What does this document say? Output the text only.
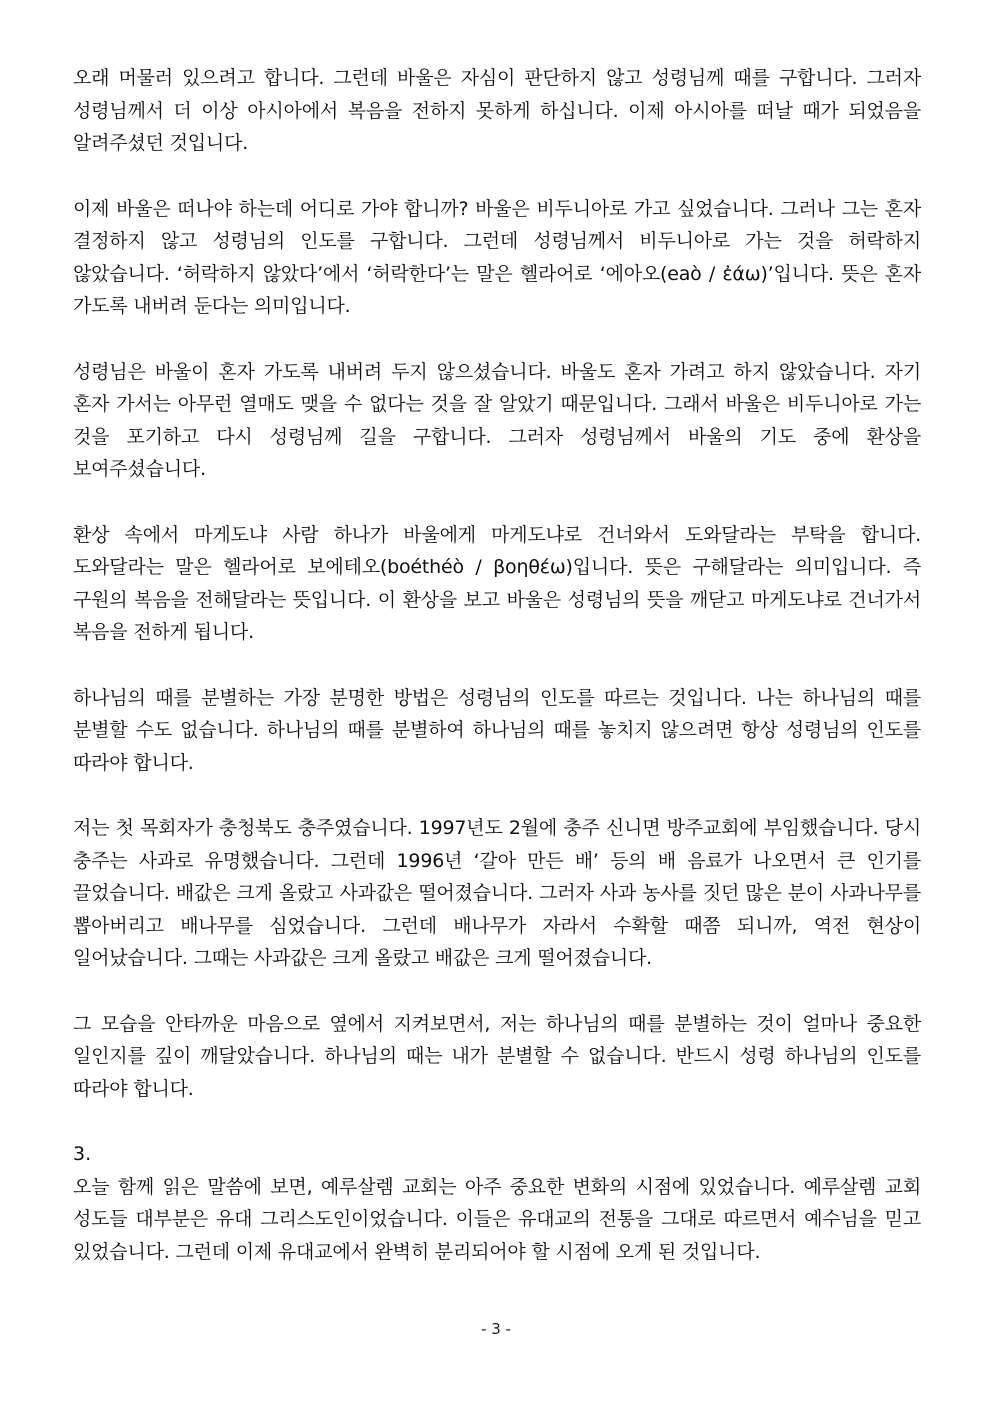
오래 머물러 있으려고 합니다. 그런데 바울은 자심이 판단하지 않고 성령님께 때를 구합니다. 그러자 성령님께서 더 이상 아시아에서 복음을 전하지 못하게 하십니다. 이제 아시아를 떠날 때가 되었음을 알려주셨던 것입니다.

이제 바울은 떠나야 하는데 어디로 가야 합니까? 바울은 비두니아로 가고 싶었습니다. 그러나 그는 혼자 결정하지 않고 성령님의 인도를 구합니다. 그런데 성령님께서 비두니아로 가는 것을 허락하지 않았습니다. ‘허락하지 않았다’에서 ‘허락한다’는 말은 헬라어로 ‘에아오(eaò / ἐάω)’입니다. 뜻은 혼자 가도록 내버려 둔다는 의미입니다.

성령님은 바울이 혼자 가도록 내버려 두지 않으셨습니다. 바울도 혼자 가려고 하지 않았습니다. 자기 혼자 가서는 아무런 열매도 맺을 수 없다는 것을 잘 알았기 때문입니다. 그래서 바울은 비두니아로 가는 것을 포기하고 다시 성령님께 길을 구합니다. 그러자 성령님께서 바울의 기도 중에 환상을 보여주셨습니다.

환상 속에서 마게도냐 사람 하나가 바울에게 마게도냐로 건너와서 도와달라는 부탁을 합니다. 도와달라는 말은 헬라어로 보에테오(boéthéò / βοηθέω)입니다. 뜻은 구해달라는 의미입니다. 즉 구원의 복음을 전해달라는 뜻입니다. 이 환상을 보고 바울은 성령님의 뜻을 깨닫고 마게도냐로 건너가서 복음을 전하게 됩니다.

하나님의 때를 분별하는 가장 분명한 방법은 성령님의 인도를 따르는 것입니다. 나는 하나님의 때를 분별할 수도 없습니다. 하나님의 때를 분별하여 하나님의 때를 놓치지 않으려면 항상 성령님의 인도를 따라야 합니다.

저는 첫 목회자가 충청북도 충주였습니다. 1997년도 2월에 충주 신니면 방주교회에 부임했습니다. 당시 충주는 사과로 유명했습니다. 그런데 1996년 ‘갈아 만든 배’ 등의 배 음료가 나오면서 큰 인기를 끌었습니다. 배값은 크게 올랐고 사과값은 떨어졌습니다. 그러자 사과 농사를 짓던 많은 분이 사과나무를 뽑아버리고 배나무를 심었습니다. 그런데 배나무가 자라서 수확할 때쯤 되니까, 역전 현상이 일어났습니다. 그때는 사과값은 크게 올랐고 배값은 크게 떨어졌습니다.

그 모습을 안타까운 마음으로 옆에서 지켜보면서, 저는 하나님의 때를 분별하는 것이 얼마나 중요한 일인지를 깊이 깨달았습니다. 하나님의 때는 내가 분별할 수 없습니다. 반드시 성령 하나님의 인도를 따라야 합니다.

3.

오늘 함께 읽은 말씀에 보면, 예루살렘 교회는 아주 중요한 변화의 시점에 있었습니다. 예루살렘 교회 성도들 대부분은 유대 그리스도인이었습니다. 이들은 유대교의 전통을 그대로 따르면서 예수님을 믿고 있었습니다. 그런데 이제 유대교에서 완벽히 분리되어야 할 시점에 오게 된 것입니다.

- 3 -
